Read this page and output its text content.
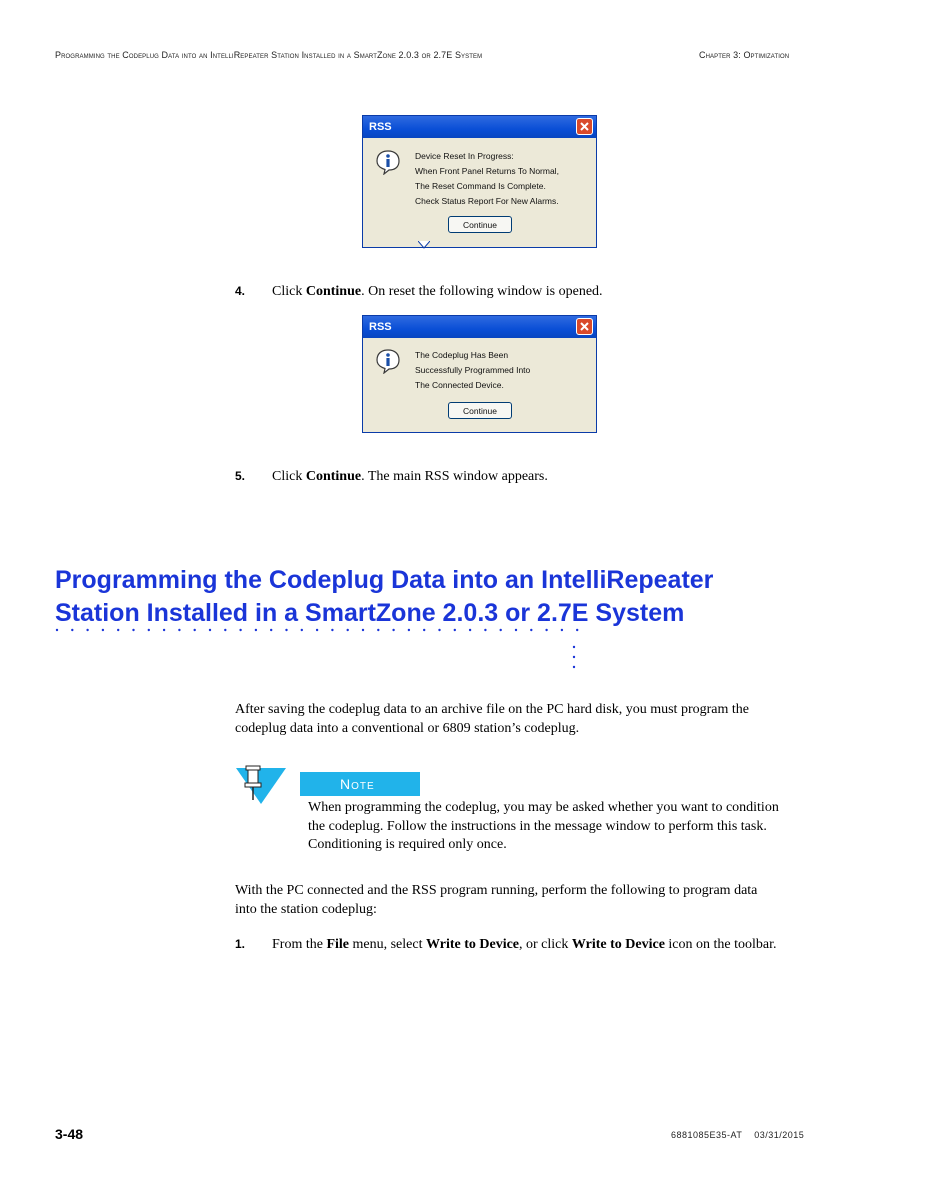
Programming the Codeplug Data into an IntelliRepeater Station Installed in a SmartZone 2.0.3 or 2.7E System	Chapter 3: Optimization
RSS
Device Reset In Progress:
When Front Panel Returns To Normal,
The Reset Command Is Complete.
Check Status Report For New Alarms.
Continue
4. Click Continue. On reset the following window is opened.
RSS
The Codeplug Has Been
Successfully Programmed Into
The Connected Device.
Continue
5. Click Continue. The main RSS window appears.
Programming the Codeplug Data into an IntelliRepeater
Station Installed in a SmartZone 2.0.3 or 2.7E System
After saving the codeplug data to an archive file on the PC hard disk, you must program the
codeplug data into a conventional or 6809 station’s codeplug.
Note
When programming the codeplug, you may be asked whether you want to condition
the codeplug. Follow the instructions in the message window to perform this task.
Conditioning is required only once.
With the PC connected and the RSS program running, perform the following to program data
into the station codeplug:
1. From the File menu, select Write to Device, or click Write to Device icon on the toolbar.
3-48	6881085E35-AT    03/31/2015
